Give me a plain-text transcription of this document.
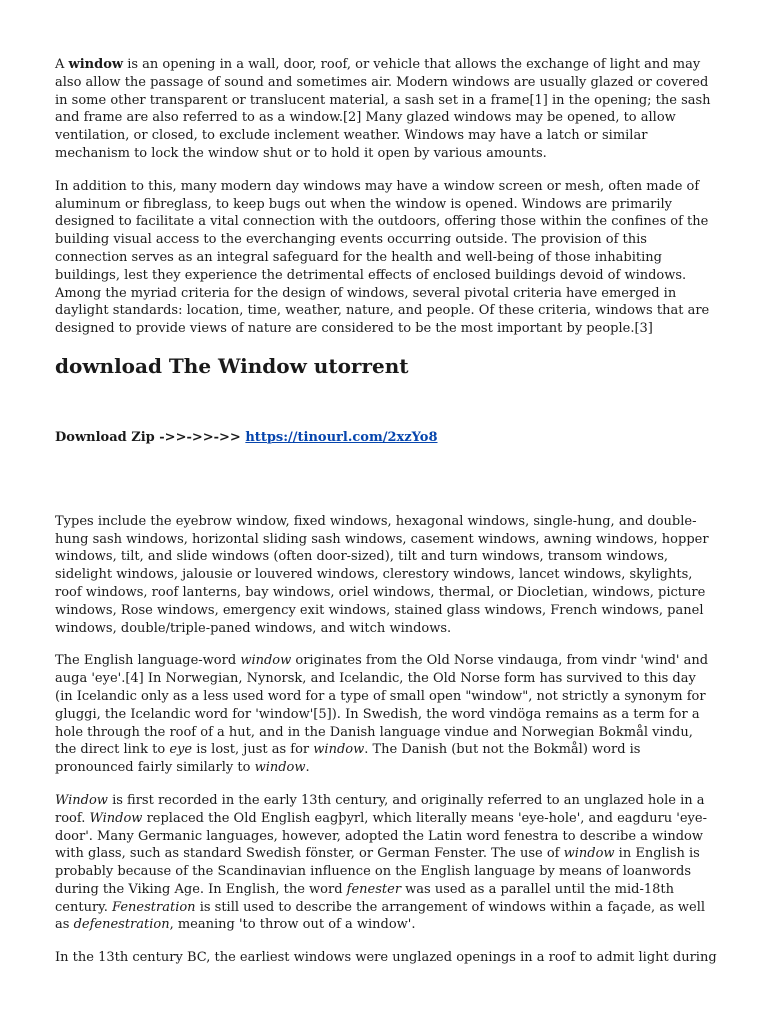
A window is an opening in a wall, door, roof, or vehicle that allows the exchange of light and may also allow the passage of sound and sometimes air. Modern windows are usually glazed or covered in some other transparent or translucent material, a sash set in a frame[1] in the opening; the sash and frame are also referred to as a window.[2] Many glazed windows may be opened, to allow ventilation, or closed, to exclude inclement weather. Windows may have a latch or similar mechanism to lock the window shut or to hold it open by various amounts.

In addition to this, many modern day windows may have a window screen or mesh, often made of aluminum or fibreglass, to keep bugs out when the window is opened. Windows are primarily designed to facilitate a vital connection with the outdoors, offering those within the confines of the building visual access to the everchanging events occurring outside. The provision of this connection serves as an integral safeguard for the health and well-being of those inhabiting buildings, lest they experience the detrimental effects of enclosed buildings devoid of windows. Among the myriad criteria for the design of windows, several pivotal criteria have emerged in daylight standards: location, time, weather, nature, and people. Of these criteria, windows that are designed to provide views of nature are considered to be the most important by people.[3]

download The Window utorrent
Download Zip ->>->>->> https://tinourl.com/2xzYo8

Types include the eyebrow window, fixed windows, hexagonal windows, single-hung, and double-hung sash windows, horizontal sliding sash windows, casement windows, awning windows, hopper windows, tilt, and slide windows (often door-sized), tilt and turn windows, transom windows, sidelight windows, jalousie or louvered windows, clerestory windows, lancet windows, skylights, roof windows, roof lanterns, bay windows, oriel windows, thermal, or Diocletian, windows, picture windows, Rose windows, emergency exit windows, stained glass windows, French windows, panel windows, double/triple-paned windows, and witch windows.

The English language-word window originates from the Old Norse vindauga, from vindr 'wind' and auga 'eye'.[4] In Norwegian, Nynorsk, and Icelandic, the Old Norse form has survived to this day (in Icelandic only as a less used word for a type of small open "window", not strictly a synonym for gluggi, the Icelandic word for 'window'[5]). In Swedish, the word vindöga remains as a term for a hole through the roof of a hut, and in the Danish language vindue and Norwegian Bokmål vindu, the direct link to eye is lost, just as for window. The Danish (but not the Bokmål) word is pronounced fairly similarly to window.

Window is first recorded in the early 13th century, and originally referred to an unglazed hole in a roof. Window replaced the Old English eagþyrl, which literally means 'eye-hole', and eagduru 'eye-door'. Many Germanic languages, however, adopted the Latin word fenestra to describe a window with glass, such as standard Swedish fönster, or German Fenster. The use of window in English is probably because of the Scandinavian influence on the English language by means of loanwords during the Viking Age. In English, the word fenester was used as a parallel until the mid-18th century. Fenestration is still used to describe the arrangement of windows within a façade, as well as defenestration, meaning 'to throw out of a window'.

In the 13th century BC, the earliest windows were unglazed openings in a roof to admit light during
